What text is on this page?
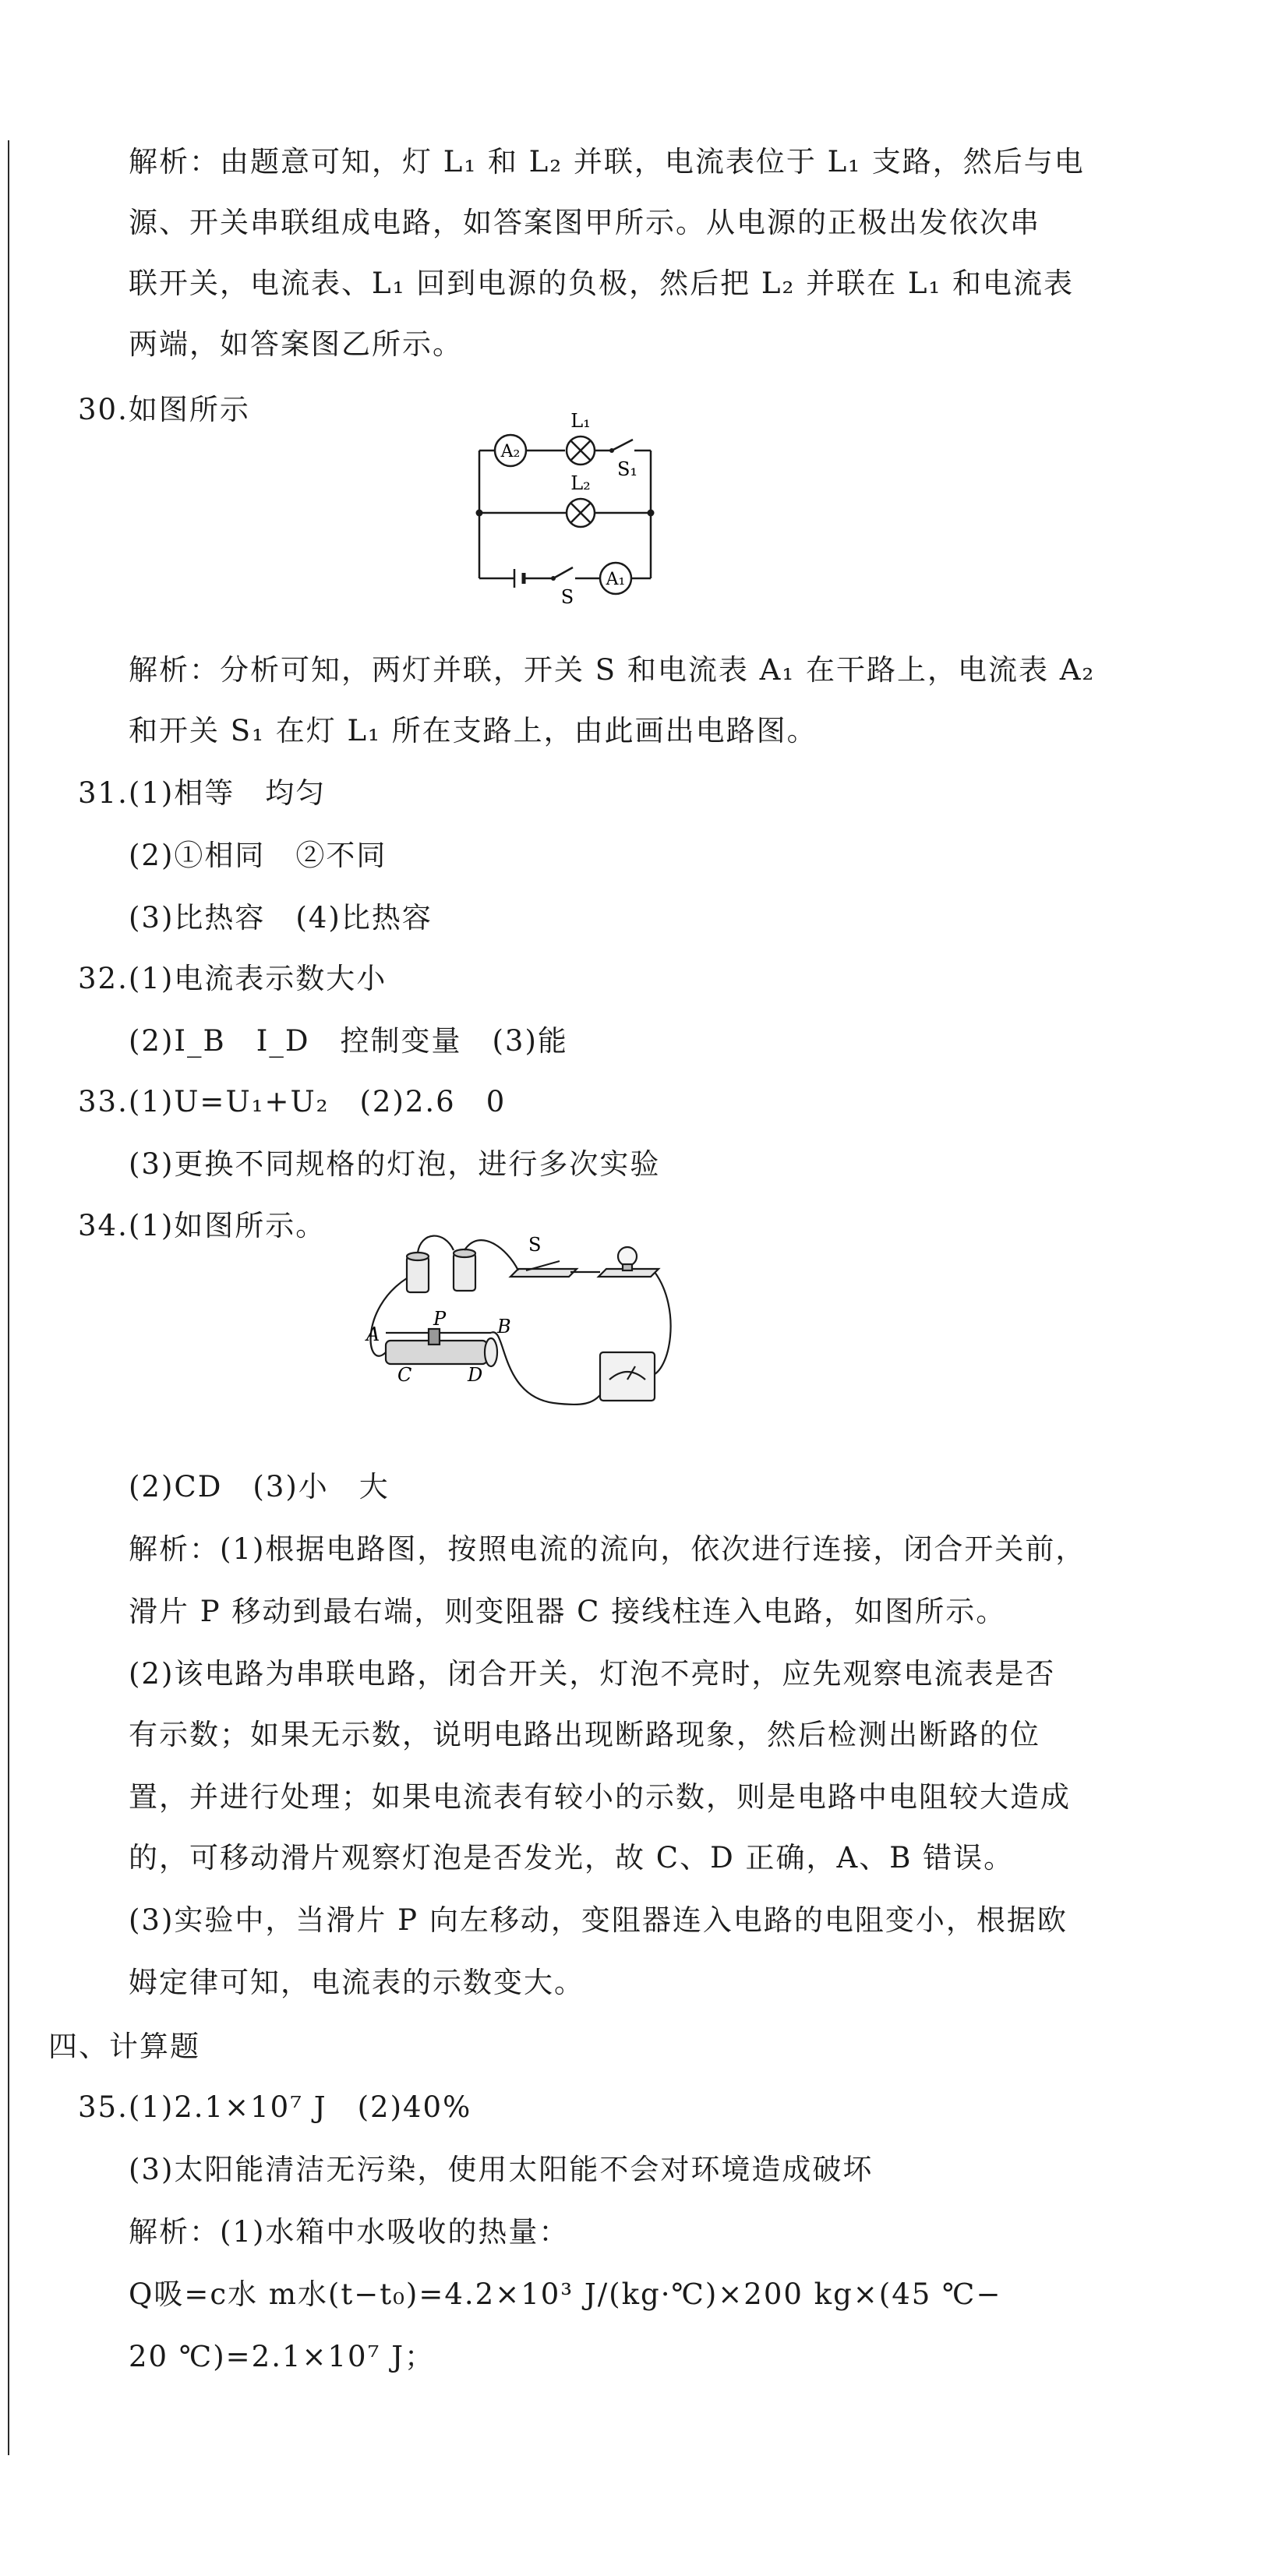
解析：由题意可知，灯 L₁ 和 L₂ 并联，电流表位于 L₁ 支路，然后与电
源、开关串联组成电路，如答案图甲所示。从电源的正极出发依次串
联开关，电流表、L₁ 回到电源的负极，然后把 L₂ 并联在 L₁ 和电流表
两端，如答案图乙所示。
30.如图所示
A₂
L₁
S₁
L₂
S
A₁
解析：分析可知，两灯并联，开关 S 和电流表 A₁ 在干路上，电流表 A₂
和开关 S₁ 在灯 L₁ 所在支路上，由此画出电路图。
31.(1)相等　均匀
(2)①相同　②不同
(3)比热容　(4)比热容
32.(1)电流表示数大小
(2)I_B　I_D　控制变量　(3)能
33.(1)U=U₁+U₂　(2)2.6　0
(3)更换不同规格的灯泡，进行多次实验
34.(1)如图所示。
S
P
A	B
C	D
(2)CD　(3)小　大
解析：(1)根据电路图，按照电流的流向，依次进行连接，闭合开关前，
滑片 P 移动到最右端，则变阻器 C 接线柱连入电路，如图所示。
(2)该电路为串联电路，闭合开关，灯泡不亮时，应先观察电流表是否
有示数；如果无示数，说明电路出现断路现象，然后检测出断路的位
置，并进行处理；如果电流表有较小的示数，则是电路中电阻较大造成
的，可移动滑片观察灯泡是否发光，故 C、D 正确，A、B 错误。
(3)实验中，当滑片 P 向左移动，变阻器连入电路的电阻变小，根据欧
姆定律可知，电流表的示数变大。
四、计算题
35.(1)2.1×10⁷ J　(2)40%
(3)太阳能清洁无污染，使用太阳能不会对环境造成破坏
解析：(1)水箱中水吸收的热量：
Q吸=c水 m水(t−t₀)=4.2×10³ J/(kg·℃)×200 kg×(45 ℃−
20 ℃)=2.1×10⁷ J；
